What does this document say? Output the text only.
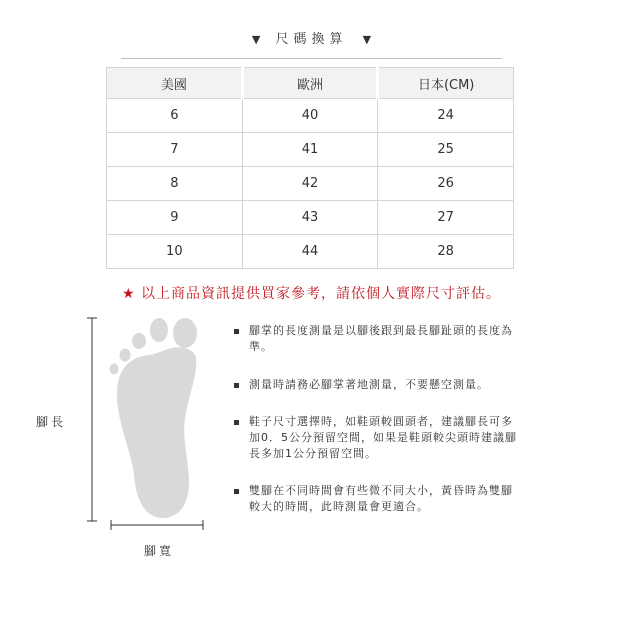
▼ 尺碼換算 ▼
美國	歐洲	日本(CM)
6	40	24
7	41	25
8	42	26
9	43	27
10	44	28
★ 以上商品資訊提供買家參考，請依個人實際尺寸評估。
腳長
腳寬
腳掌的長度測量是以腳後跟到最長腳趾頭的長度為準。
測量時請務必腳掌著地測量，不要懸空測量。
鞋子尺寸選擇時，如鞋頭較圓頭者，建議腳長可多加0．5公分預留空間，如果是鞋頭較尖頭時建議腳長多加1公分預留空間。
雙腳在不同時間會有些微不同大小，黃昏時為雙腳較大的時間，此時測量會更適合。
